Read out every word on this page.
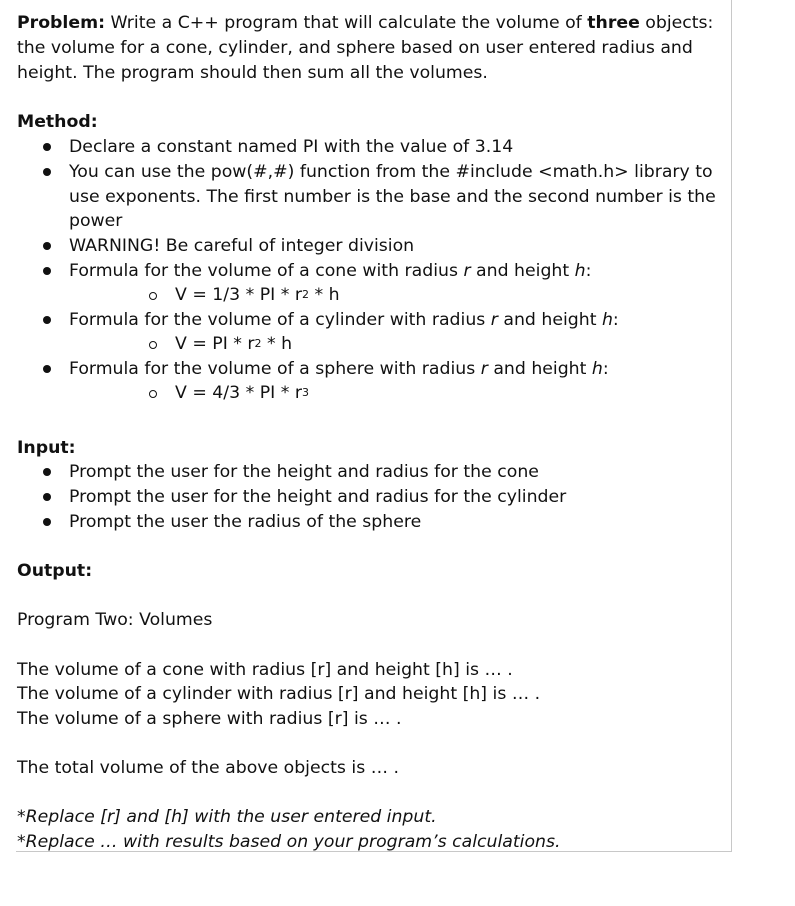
Problem: Write a C++ program that will calculate the volume of three objects:
the volume for a cone, cylinder, and sphere based on user entered radius and
height. The program should then sum all the volumes.
Method:
Declare a constant named PI with the value of 3.14
You can use the pow(#,#) function from the #include <math.h> library to
use exponents. The first number is the base and the second number is the
power
WARNING! Be careful of integer division
Formula for the volume of a cone with radius r and height h:
V = 1/3 * PI * $r^2$ * h
Formula for the volume of a cylinder with radius r and height h:
V = PI * $r^2$ * h
Formula for the volume of a sphere with radius r and height h:
V = 4/3 * PI * $r^3$
Input:
Prompt the user for the height and radius for the cone
Prompt the user for the height and radius for the cylinder
Prompt the user the radius of the sphere
Output:
Program Two: Volumes
The volume of a cone with radius [r] and height [h] is … .
The volume of a cylinder with radius [r] and height [h] is … .
The volume of a sphere with radius [r] is … .
The total volume of the above objects is … .
*Replace [r] and [h] with the user entered input.
*Replace … with results based on your program’s calculations.
